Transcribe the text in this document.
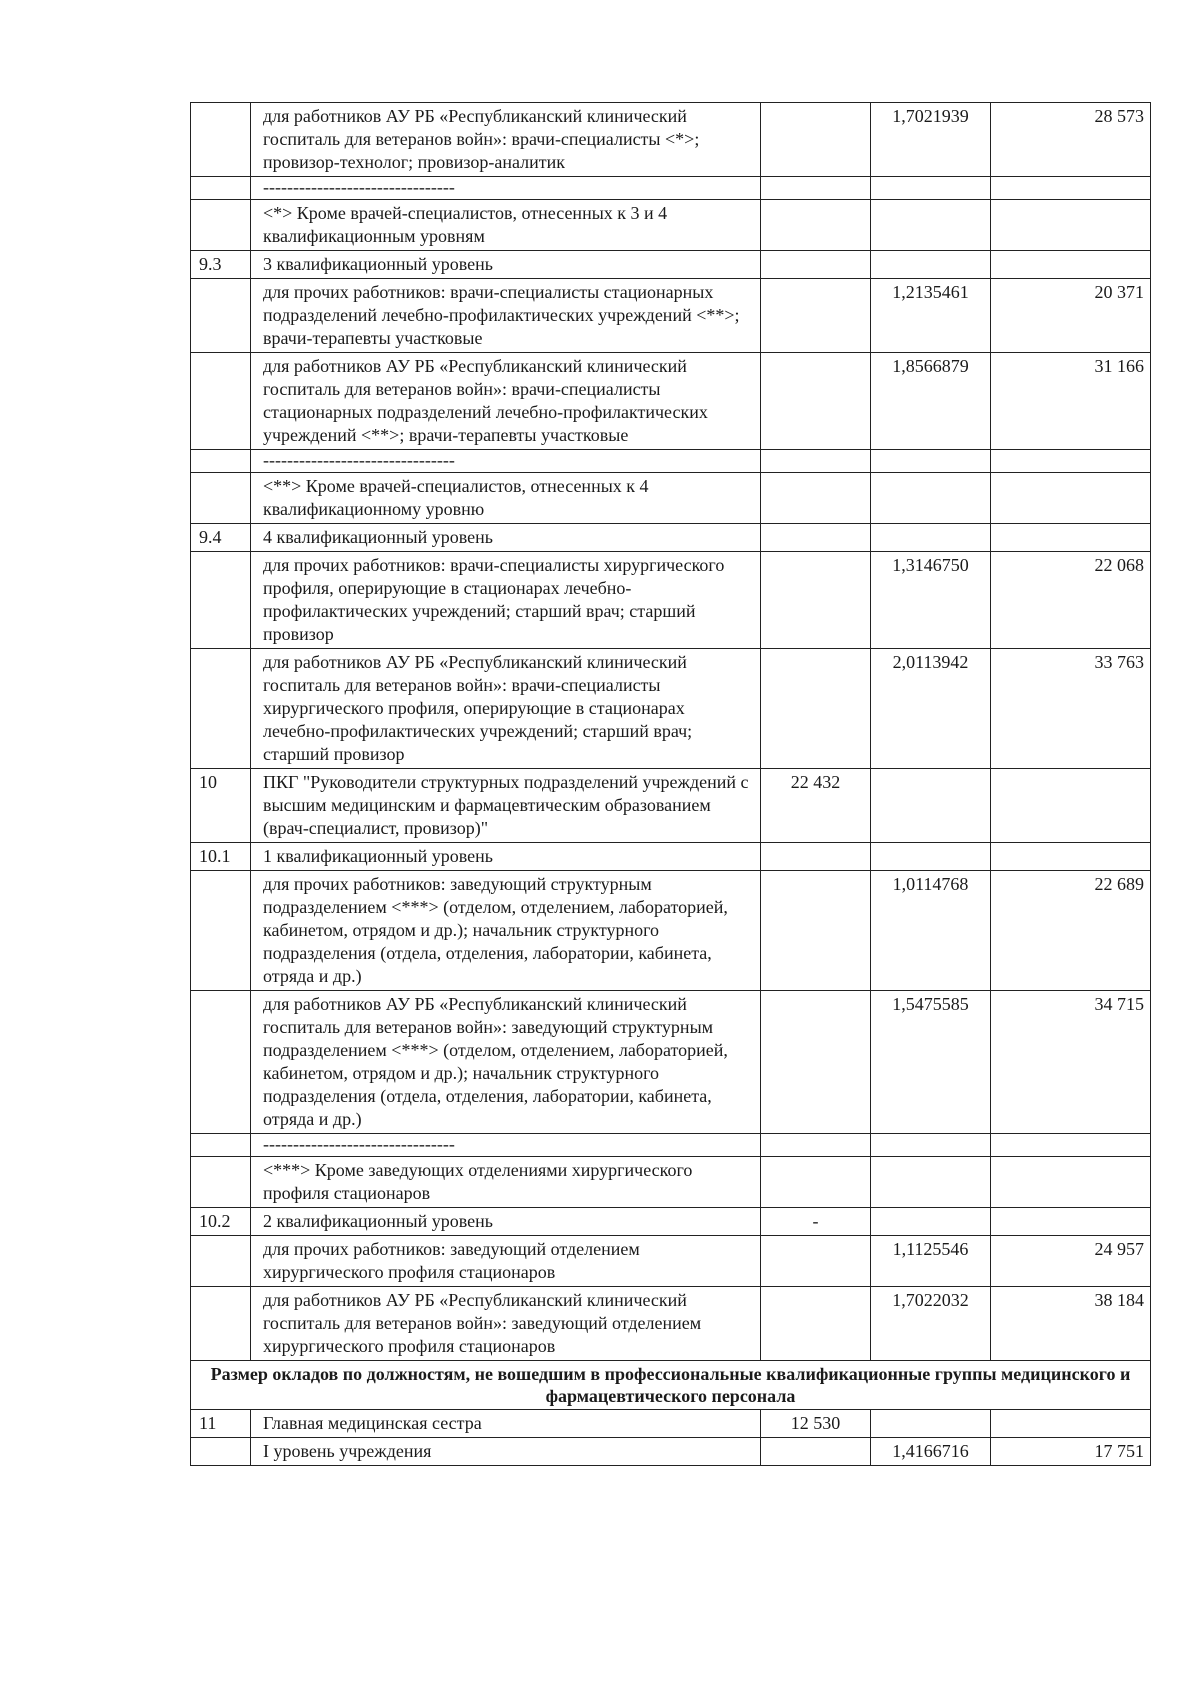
	для работников АУ РБ «Республиканский клинический госпиталь для ветеранов войн»: врачи-специалисты <*>; провизор-технолог; провизор-аналитик		1,7021939	28 573
	--------------------------------			
	<*> Кроме врачей-специалистов, отнесенных к 3 и 4 квалификационным уровням			
9.3	3 квалификационный уровень			
	для прочих работников: врачи-специалисты стационарных подразделений лечебно-профилактических учреждений <**>; врачи-терапевты участковые		1,2135461	20 371
	для работников АУ РБ «Республиканский клинический госпиталь для ветеранов войн»: врачи-специалисты стационарных подразделений лечебно-профилактических учреждений <**>; врачи-терапевты участковые		1,8566879	31 166
	--------------------------------			
	<**> Кроме врачей-специалистов, отнесенных к 4 квалификационному уровню			
9.4	4 квалификационный уровень			
	для прочих работников: врачи-специалисты хирургического профиля, оперирующие в стационарах лечебно-профилактических учреждений; старший врач; старший провизор		1,3146750	22 068
	для работников АУ РБ «Республиканский клинический госпиталь для ветеранов войн»: врачи-специалисты хирургического профиля, оперирующие в стационарах лечебно-профилактических учреждений; старший врач; старший провизор		2,0113942	33 763
10	ПКГ "Руководители структурных подразделений учреждений с высшим медицинским и фармацевтическим образованием (врач-специалист, провизор)"	22 432		
10.1	1 квалификационный уровень			
	для прочих работников: заведующий структурным подразделением <***> (отделом, отделением, лабораторией, кабинетом, отрядом и др.); начальник структурного подразделения (отдела, отделения, лаборатории, кабинета, отряда и др.)		1,0114768	22 689
	для работников АУ РБ «Республиканский клинический госпиталь для ветеранов войн»: заведующий структурным подразделением <***> (отделом, отделением, лабораторией, кабинетом, отрядом и др.); начальник структурного подразделения (отдела, отделения, лаборатории, кабинета, отряда и др.)		1,5475585	34 715
	--------------------------------			
	<***> Кроме заведующих отделениями хирургического профиля стационаров			
10.2	2 квалификационный уровень	-		
	для прочих работников: заведующий отделением хирургического профиля стационаров		1,1125546	24 957
	для работников АУ РБ «Республиканский клинический госпиталь для ветеранов войн»: заведующий отделением хирургического профиля стационаров		1,7022032	38 184
Размер окладов по должностям, не вошедшим в профессиональные квалификационные группы медицинского и фармацевтического персонала				
11	Главная медицинская сестра	12 530		
	I уровень учреждения		1,4166716	17 751
